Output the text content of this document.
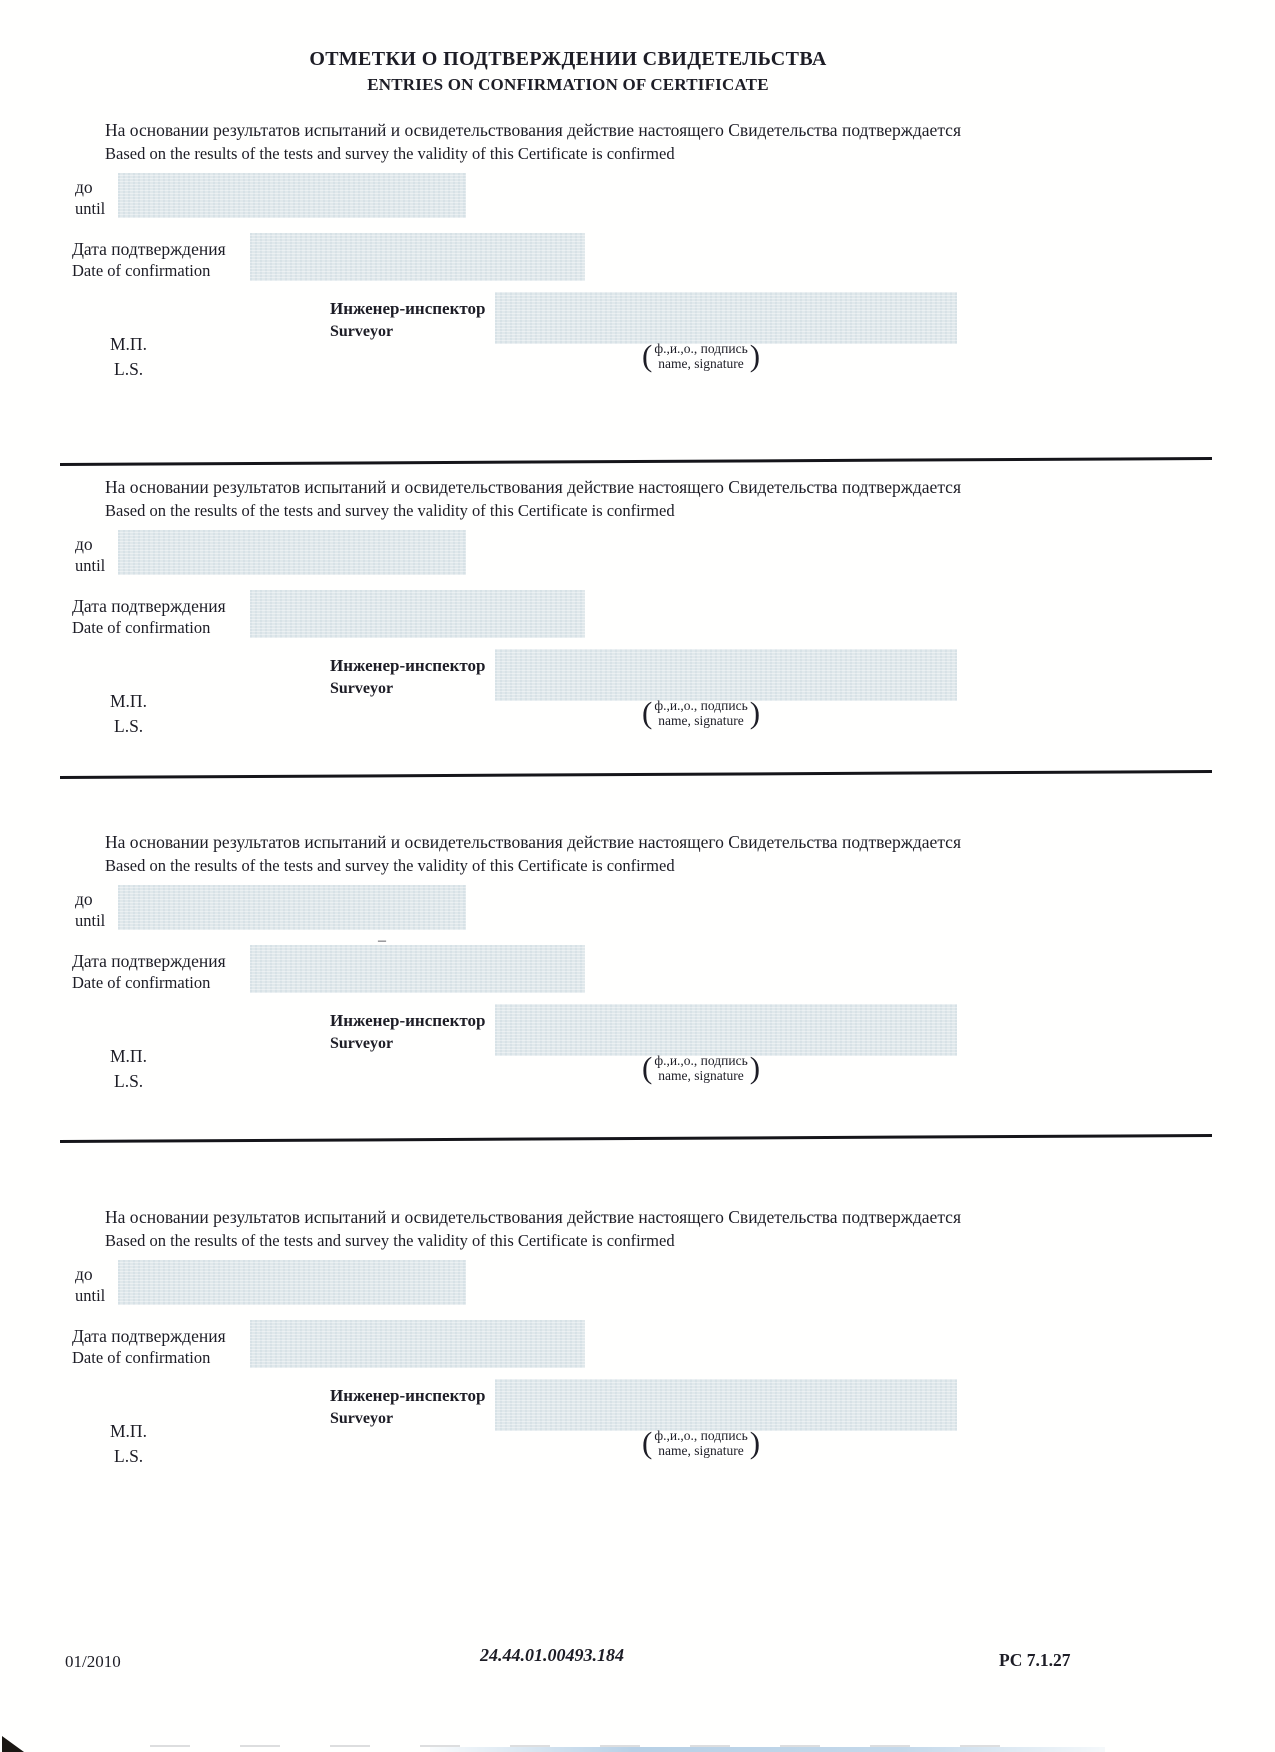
ОТМЕТКИ О ПОДТВЕРЖДЕНИИ СВИДЕТЕЛЬСТВА
ENTRIES ON CONFIRMATION OF CERTIFICATE

На основании результатов испытаний и освидетельствования действие настоящего Свидетельства подтверждается
Based on the results of the tests and survey the validity of this Certificate is confirmed

до
until
Дата подтверждения
Date of confirmation
Инженер-инспектор
Surveyor
М.П.
L.S.	( ф.,и.,о., подпись
name, signature )

На основании результатов испытаний и освидетельствования действие настоящего Свидетельства подтверждается
Based on the results of the tests and survey the validity of this Certificate is confirmed

до
until
Дата подтверждения
Date of confirmation
Инженер-инспектор
Surveyor
М.П.
L.S.	( ф.,и.,о., подпись
name, signature )

На основании результатов испытаний и освидетельствования действие настоящего Свидетельства подтверждается
Based on the results of the tests and survey the validity of this Certificate is confirmed

до
until
Дата подтверждения
Date of confirmation
Инженер-инспектор
Surveyor
М.П.
L.S.	( ф.,и.,о., подпись
name, signature )

На основании результатов испытаний и освидетельствования действие настоящего Свидетельства подтверждается
Based on the results of the tests and survey the validity of this Certificate is confirmed

до
until
Дата подтверждения
Date of confirmation
Инженер-инспектор
Surveyor
М.П.
L.S.	( ф.,и.,о., подпись
name, signature )
01/2010	24.44.01.00493.184	PC 7.1.27
–
